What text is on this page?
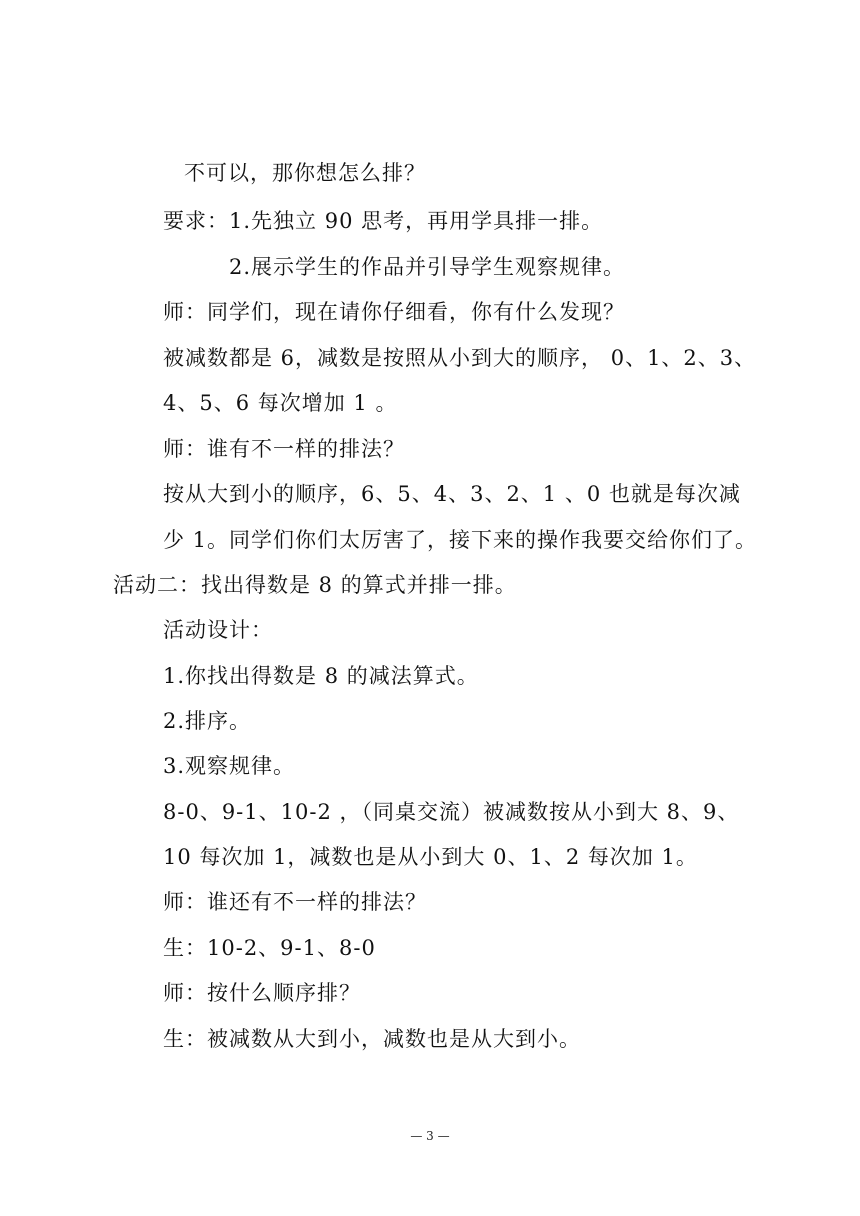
不可以，那你想怎么排？
要求：1.先独立 90 思考，再用学具排一排。
2.展示学生的作品并引导学生观察规律。
师：同学们，现在请你仔细看，你有什么发现？
被减数都是 6，减数是按照从小到大的顺序， 0、1、2、3、
4、5、6 每次增加 1 。
师：谁有不一样的排法？
按从大到小的顺序，6、5、4、3、2、1 、0 也就是每次减
少 1。同学们你们太厉害了，接下来的操作我要交给你们了。
活动二：找出得数是 8 的算式并排一排。
活动设计：
1.你找出得数是 8 的减法算式。
2.排序。
3.观察规律。
8-0、9-1、10-2 ，（同桌交流）被减数按从小到大 8、9、
10 每次加 1，减数也是从小到大 0、1、2 每次加 1。
师：谁还有不一样的排法？
生：10-2、9-1、8-0
师：按什么顺序排？
生：被减数从大到小，减数也是从大到小。
— 3 —
